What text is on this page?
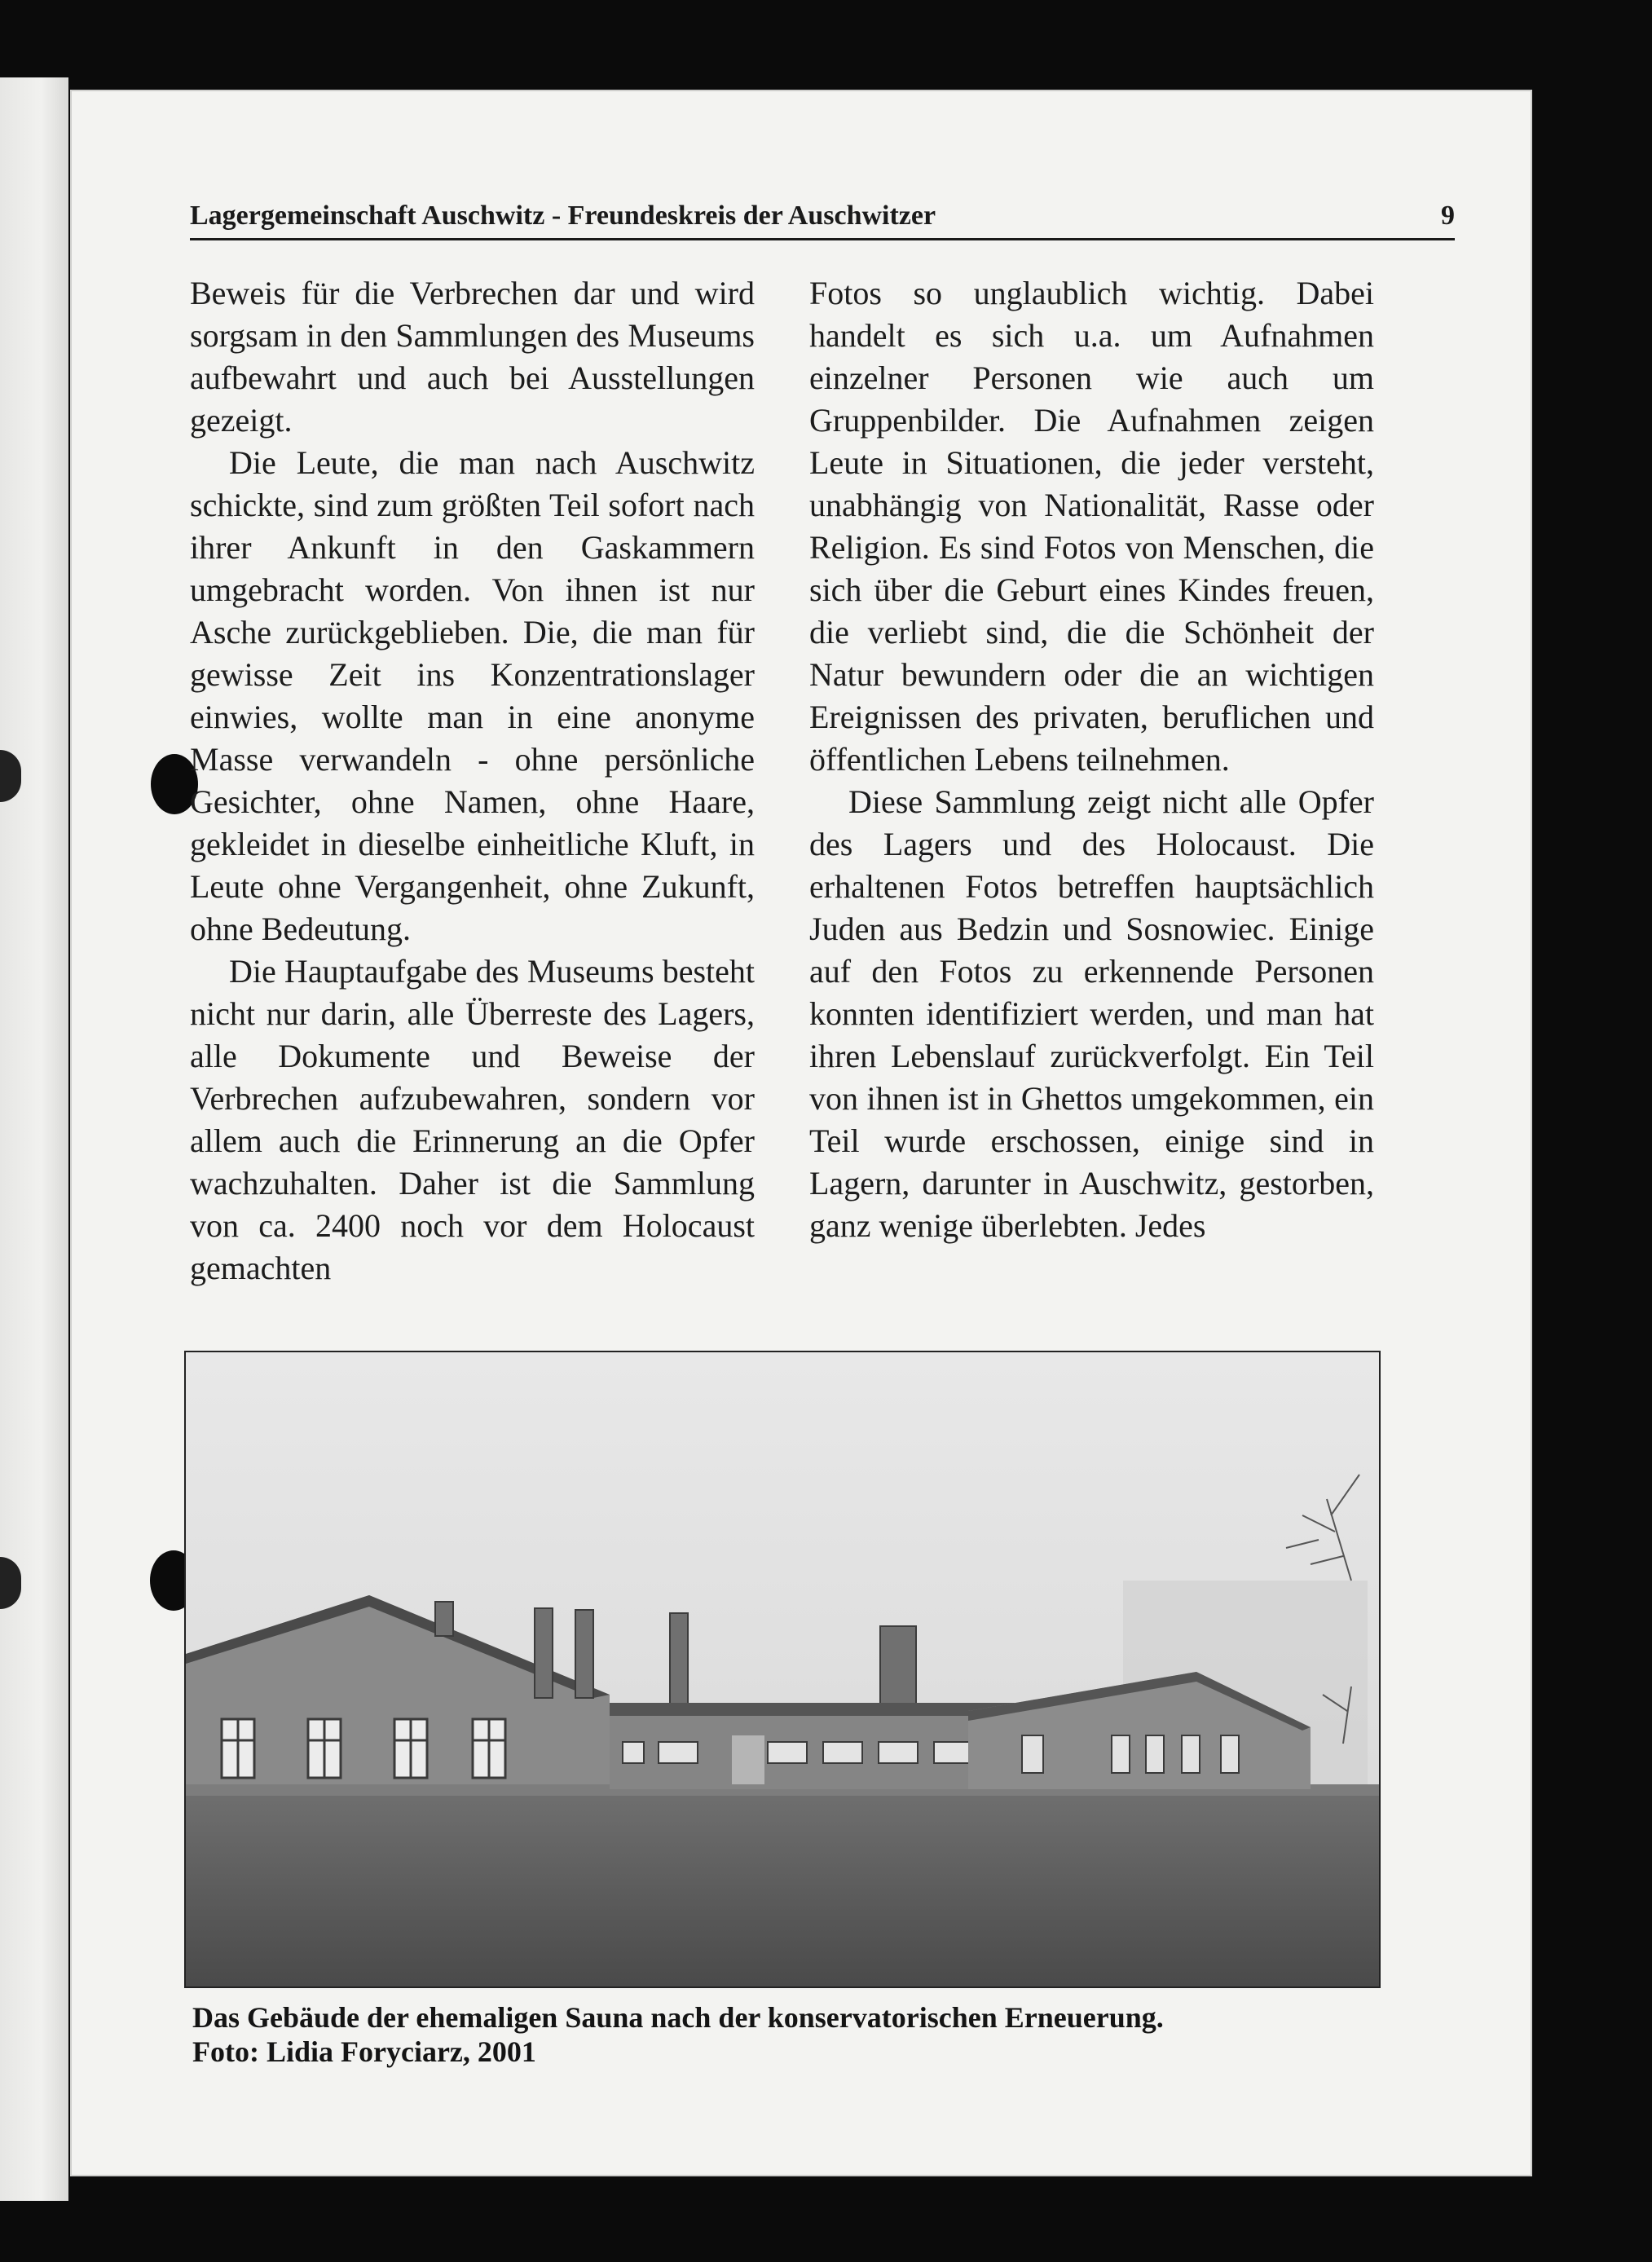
Lagergemeinschaft Auschwitz - Freundeskreis der Auschwitzer	9

Beweis für die Verbrechen dar und wird sorgsam in den Sammlungen des Museums aufbewahrt und auch bei Ausstellungen gezeigt.

Die Leute, die man nach Auschwitz schickte, sind zum größten Teil sofort nach ihrer Ankunft in den Gaskammern umgebracht worden. Von ihnen ist nur Asche zurückgeblieben. Die, die man für gewisse Zeit ins Konzentrationslager einwies, wollte man in eine anonyme Masse verwandeln - ohne persönliche Gesichter, ohne Namen, ohne Haare, gekleidet in dieselbe einheitliche Kluft, in Leute ohne Vergangenheit, ohne Zukunft, ohne Bedeutung.

Die Hauptaufgabe des Museums besteht nicht nur darin, alle Überreste des Lagers, alle Dokumente und Beweise der Verbrechen aufzubewahren, sondern vor allem auch die Erinnerung an die Opfer wachzuhalten. Daher ist die Sammlung von ca. 2400 noch vor dem Holocaust gemachten

Fotos so unglaublich wichtig. Dabei handelt es sich u.a. um Aufnahmen einzelner Personen wie auch um Gruppenbilder. Die Aufnahmen zeigen Leute in Situationen, die jeder versteht, unabhängig von Nationalität, Rasse oder Religion. Es sind Fotos von Menschen, die sich über die Geburt eines Kindes freuen, die verliebt sind, die die Schönheit der Natur bewundern oder die an wichtigen Ereignissen des privaten, beruflichen und öffentlichen Lebens teilnehmen.

Diese Sammlung zeigt nicht alle Opfer des Lagers und des Holocaust. Die erhaltenen Fotos betreffen hauptsächlich Juden aus Bedzin und Sosnowiec. Einige auf den Fotos zu erkennende Personen konnten identifiziert werden, und man hat ihren Lebenslauf zurückverfolgt. Ein Teil von ihnen ist in Ghettos umgekommen, ein Teil wurde erschossen, einige sind in Lagern, darunter in Auschwitz, gestorben, ganz wenige überlebten. Jedes

Das Gebäude der ehemaligen Sauna nach der konservatorischen Erneuerung.
Foto: Lidia Foryciarz, 2001
